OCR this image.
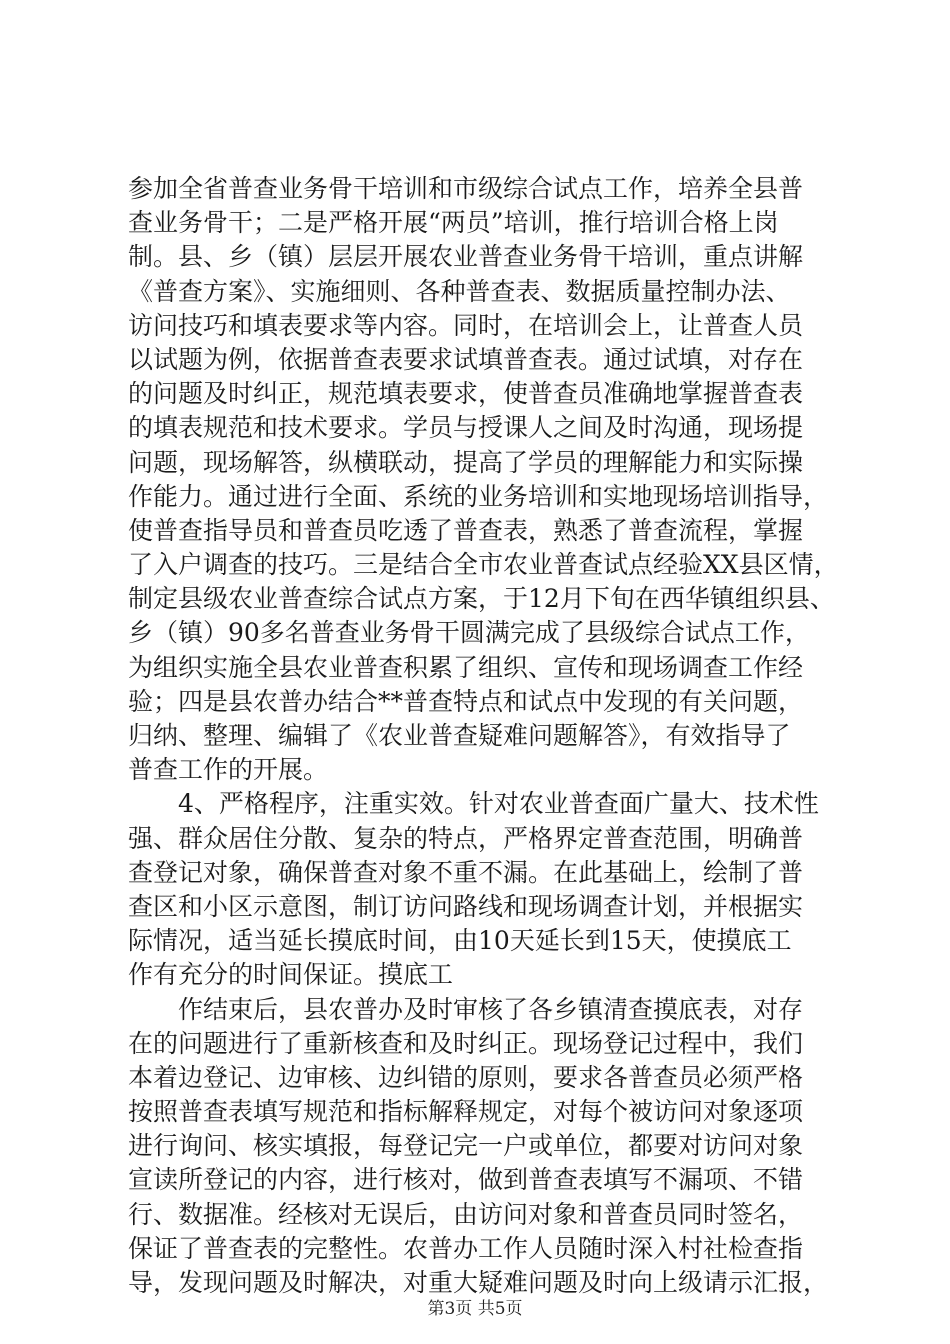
参加全省普查业务骨干培训和市级综合试点工作，培养全县普
查业务骨干；二是严格开展“两员”培训，推行培训合格上岗
制。县、乡（镇）层层开展农业普查业务骨干培训，重点讲解
《普查方案》、实施细则、各种普查表、数据质量控制办法、
访问技巧和填表要求等内容。同时，在培训会上，让普查人员
以试题为例，依据普查表要求试填普查表。通过试填，对存在
的问题及时纠正，规范填表要求，使普查员准确地掌握普查表
的填表规范和技术要求。学员与授课人之间及时沟通，现场提
问题，现场解答，纵横联动，提高了学员的理解能力和实际操
作能力。通过进行全面、系统的业务培训和实地现场培训指导，
使普查指导员和普查员吃透了普查表，熟悉了普查流程，掌握
了入户调查的技巧。三是结合全市农业普查试点经验XX县区情，
制定县级农业普查综合试点方案，于12月下旬在西华镇组织县、
乡（镇）90多名普查业务骨干圆满完成了县级综合试点工作，
为组织实施全县农业普查积累了组织、宣传和现场调查工作经
验；四是县农普办结合**普查特点和试点中发现的有关问题，
归纳、整理、编辑了《农业普查疑难问题解答》，有效指导了
普查工作的开展。
4、严格程序，注重实效。针对农业普查面广量大、技术性
强、群众居住分散、复杂的特点，严格界定普查范围，明确普
查登记对象，确保普查对象不重不漏。在此基础上，绘制了普
查区和小区示意图，制订访问路线和现场调查计划，并根据实
际情况，适当延长摸底时间，由10天延长到15天，使摸底工
作有充分的时间保证。摸底工
作结束后，县农普办及时审核了各乡镇清查摸底表，对存
在的问题进行了重新核查和及时纠正。现场登记过程中，我们
本着边登记、边审核、边纠错的原则，要求各普查员必须严格
按照普查表填写规范和指标解释规定，对每个被访问对象逐项
进行询问、核实填报，每登记完一户或单位，都要对访问对象
宣读所登记的内容，进行核对，做到普查表填写不漏项、不错
行、数据准。经核对无误后，由访问对象和普查员同时签名，
保证了普查表的完整性。农普办工作人员随时深入村社检查指
导，发现问题及时解决，对重大疑难问题及时向上级请示汇报，
第3页 共5页
